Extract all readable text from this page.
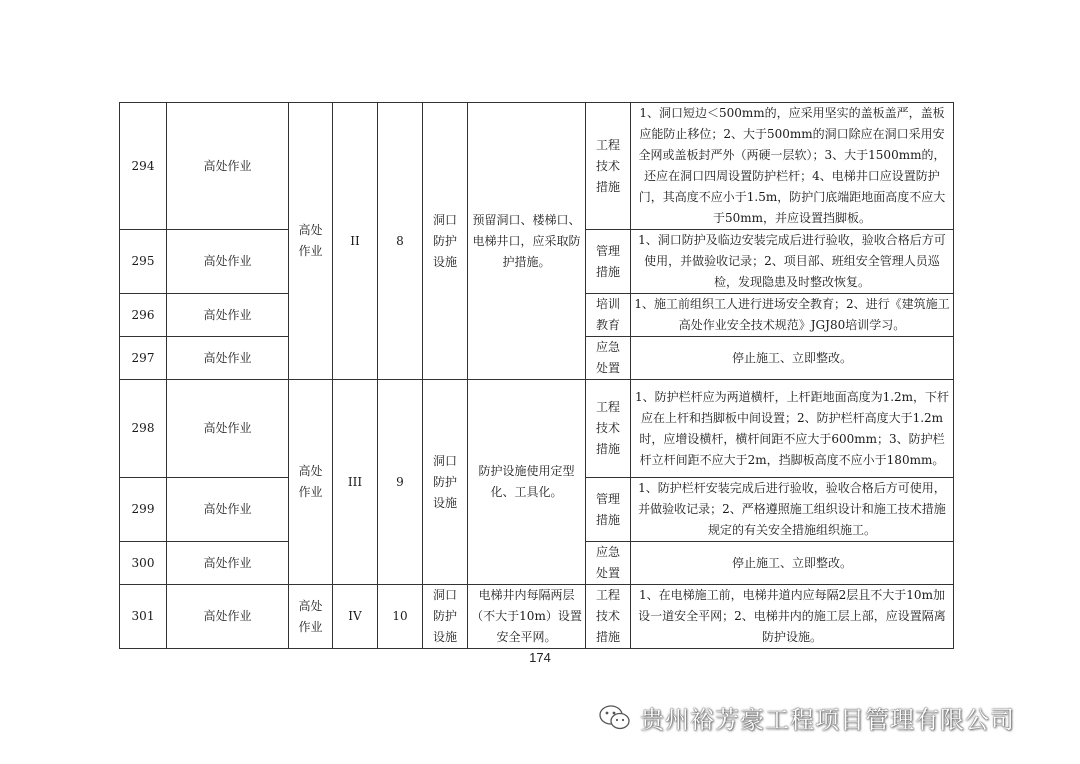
294	高处作业	高处作业	II	8	洞口防护设施	预留洞口、楼梯口、电梯井口，应采取防护措施。	工程技术措施	1、洞口短边＜500mm的，应采用坚实的盖板盖严，盖板应能防止移位；2、大于500mm的洞口除应在洞口采用安全网或盖板封严外（两硬一层软）；3、大于1500mm的，还应在洞口四周设置防护栏杆；4、电梯井口应设置防护门，其高度不应小于1.5m，防护门底端距地面高度不应大于50mm，并应设置挡脚板。
295	高处作业						管理措施	1、洞口防护及临边安装完成后进行验收，验收合格后方可使用，并做验收记录；2、项目部、班组安全管理人员巡检，发现隐患及时整改恢复。
296	高处作业						培训教育	1、施工前组织工人进行进场安全教育；2、进行《建筑施工高处作业安全技术规范》JGJ80培训学习。
297	高处作业						应急处置	停止施工、立即整改。
298	高处作业	高处作业	III	9	洞口防护设施	防护设施使用定型化、工具化。	工程技术措施	1、防护栏杆应为两道横杆，上杆距地面高度为1.2m，下杆应在上杆和挡脚板中间设置；2、防护栏杆高度大于1.2m时，应增设横杆，横杆间距不应大于600mm；3、防护栏杆立杆间距不应大于2m，挡脚板高度不应小于180mm。
299	高处作业						管理措施	1、防护栏杆安装完成后进行验收，验收合格后方可使用，并做验收记录；2、严格遵照施工组织设计和施工技术措施规定的有关安全措施组织施工。
300	高处作业						应急处置	停止施工、立即整改。
301	高处作业	高处作业	IV	10	洞口防护设施	电梯井内每隔两层（不大于10m）设置安全平网。	工程技术措施	1、在电梯施工前，电梯井道内应每隔2层且不大于10m加设一道安全平网；2、电梯井内的施工层上部，应设置隔离防护设施。
174
贵州裕芳豪工程项目管理有限公司
